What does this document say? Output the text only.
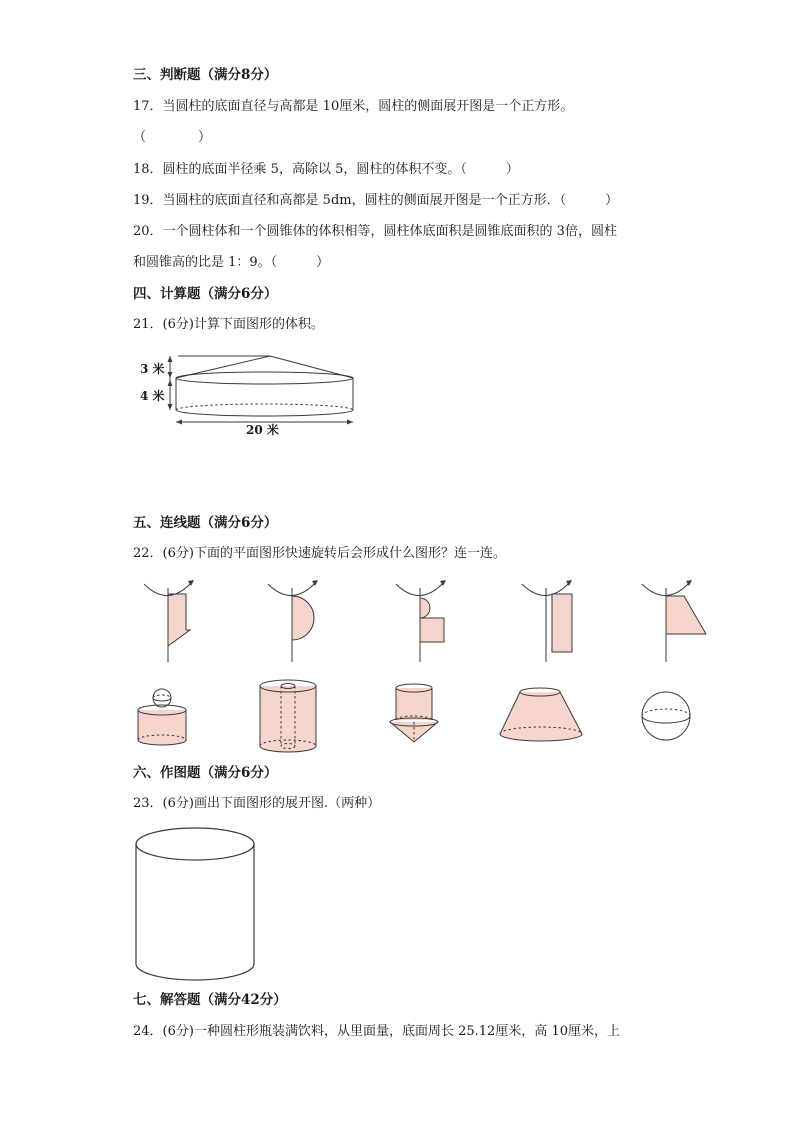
三、判断题（满分8分）
17．当圆柱的底面直径与高都是 10厘米，圆柱的侧面展开图是一个正方形。
（　　　　）
18．圆柱的底面半径乘 5，高除以 5，圆柱的体积不变。（　　　）
19．当圆柱的底面直径和高都是 5dm，圆柱的侧面展开图是一个正方形．（　　　）
20．一个圆柱体和一个圆锥体的体积相等，圆柱体底面积是圆锥底面积的 3倍，圆柱
和圆锥高的比是 1：9。（　　　）
四、计算题（满分6分）
21．(6分)计算下面图形的体积。
3 米
4 米
20 米
五、连线题（满分6分）
22．(6分)下面的平面图形快速旋转后会形成什么图形？连一连。
六、作图题（满分6分）
23．(6分)画出下面图形的展开图.（两种）
七、解答题（满分42分）
24．(6分)一种圆柱形瓶装满饮料，从里面量，底面周长 25.12厘米，高 10厘米，上
